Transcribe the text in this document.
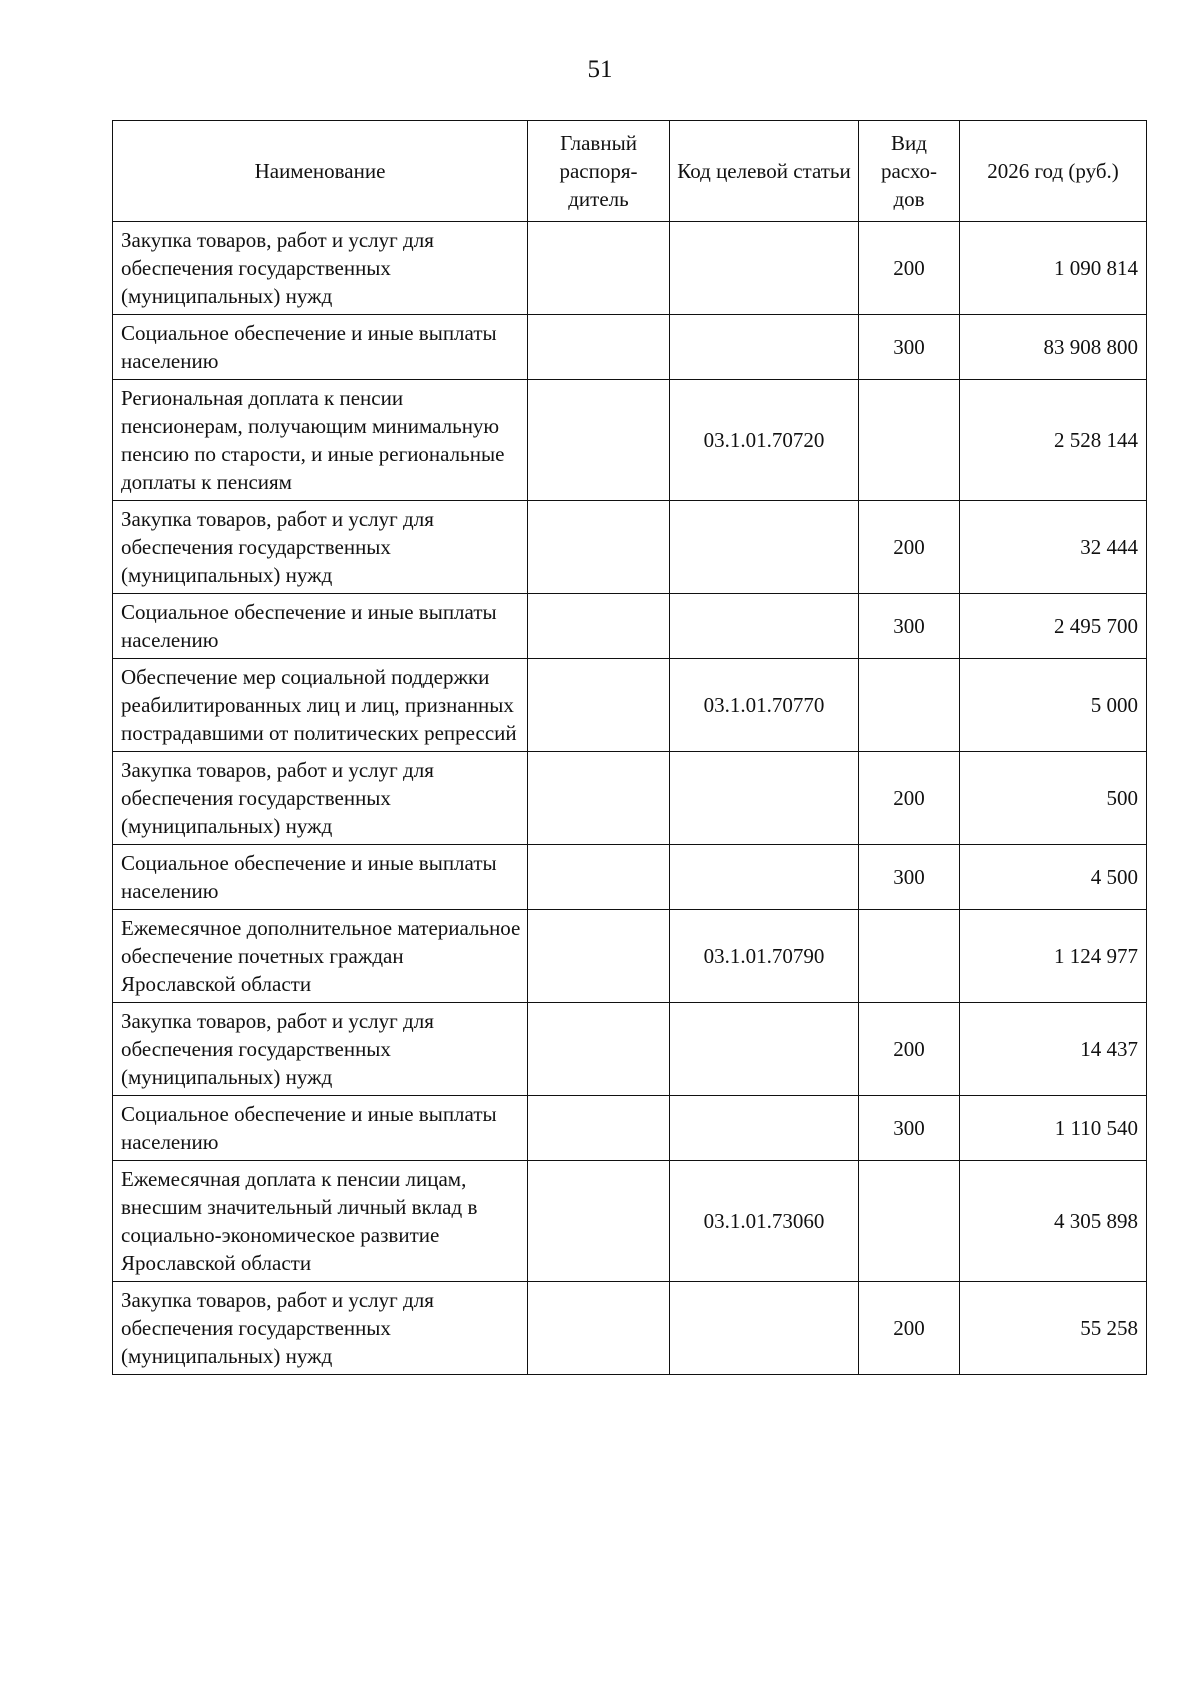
51
Наименование	Главный распоря- дитель	Код целевой статьи	Вид расхо- дов	2026 год (руб.)
Закупка товаров, работ и услуг для обеспечения государственных (муниципальных) нужд			200	1 090 814
Социальное обеспечение и иные выплаты населению			300	83 908 800
Региональная доплата к пенсии пенсионерам, получающим минимальную пенсию по старости, и иные региональные доплаты к пенсиям		03.1.01.70720		2 528 144
Закупка товаров, работ и услуг для обеспечения государственных (муниципальных) нужд			200	32 444
Социальное обеспечение и иные выплаты населению			300	2 495 700
Обеспечение мер социальной поддержки реабилитированных лиц и лиц, признанных пострадавшими от политических репрессий		03.1.01.70770		5 000
Закупка товаров, работ и услуг для обеспечения государственных (муниципальных) нужд			200	500
Социальное обеспечение и иные выплаты населению			300	4 500
Ежемесячное дополнительное материальное обеспечение почетных граждан Ярославской области		03.1.01.70790		1 124 977
Закупка товаров, работ и услуг для обеспечения государственных (муниципальных) нужд			200	14 437
Социальное обеспечение и иные выплаты населению			300	1 110 540
Ежемесячная доплата к пенсии лицам, внесшим значительный личный вклад в социально-экономическое развитие Ярославской области		03.1.01.73060		4 305 898
Закупка товаров, работ и услуг для обеспечения государственных (муниципальных) нужд			200	55 258
